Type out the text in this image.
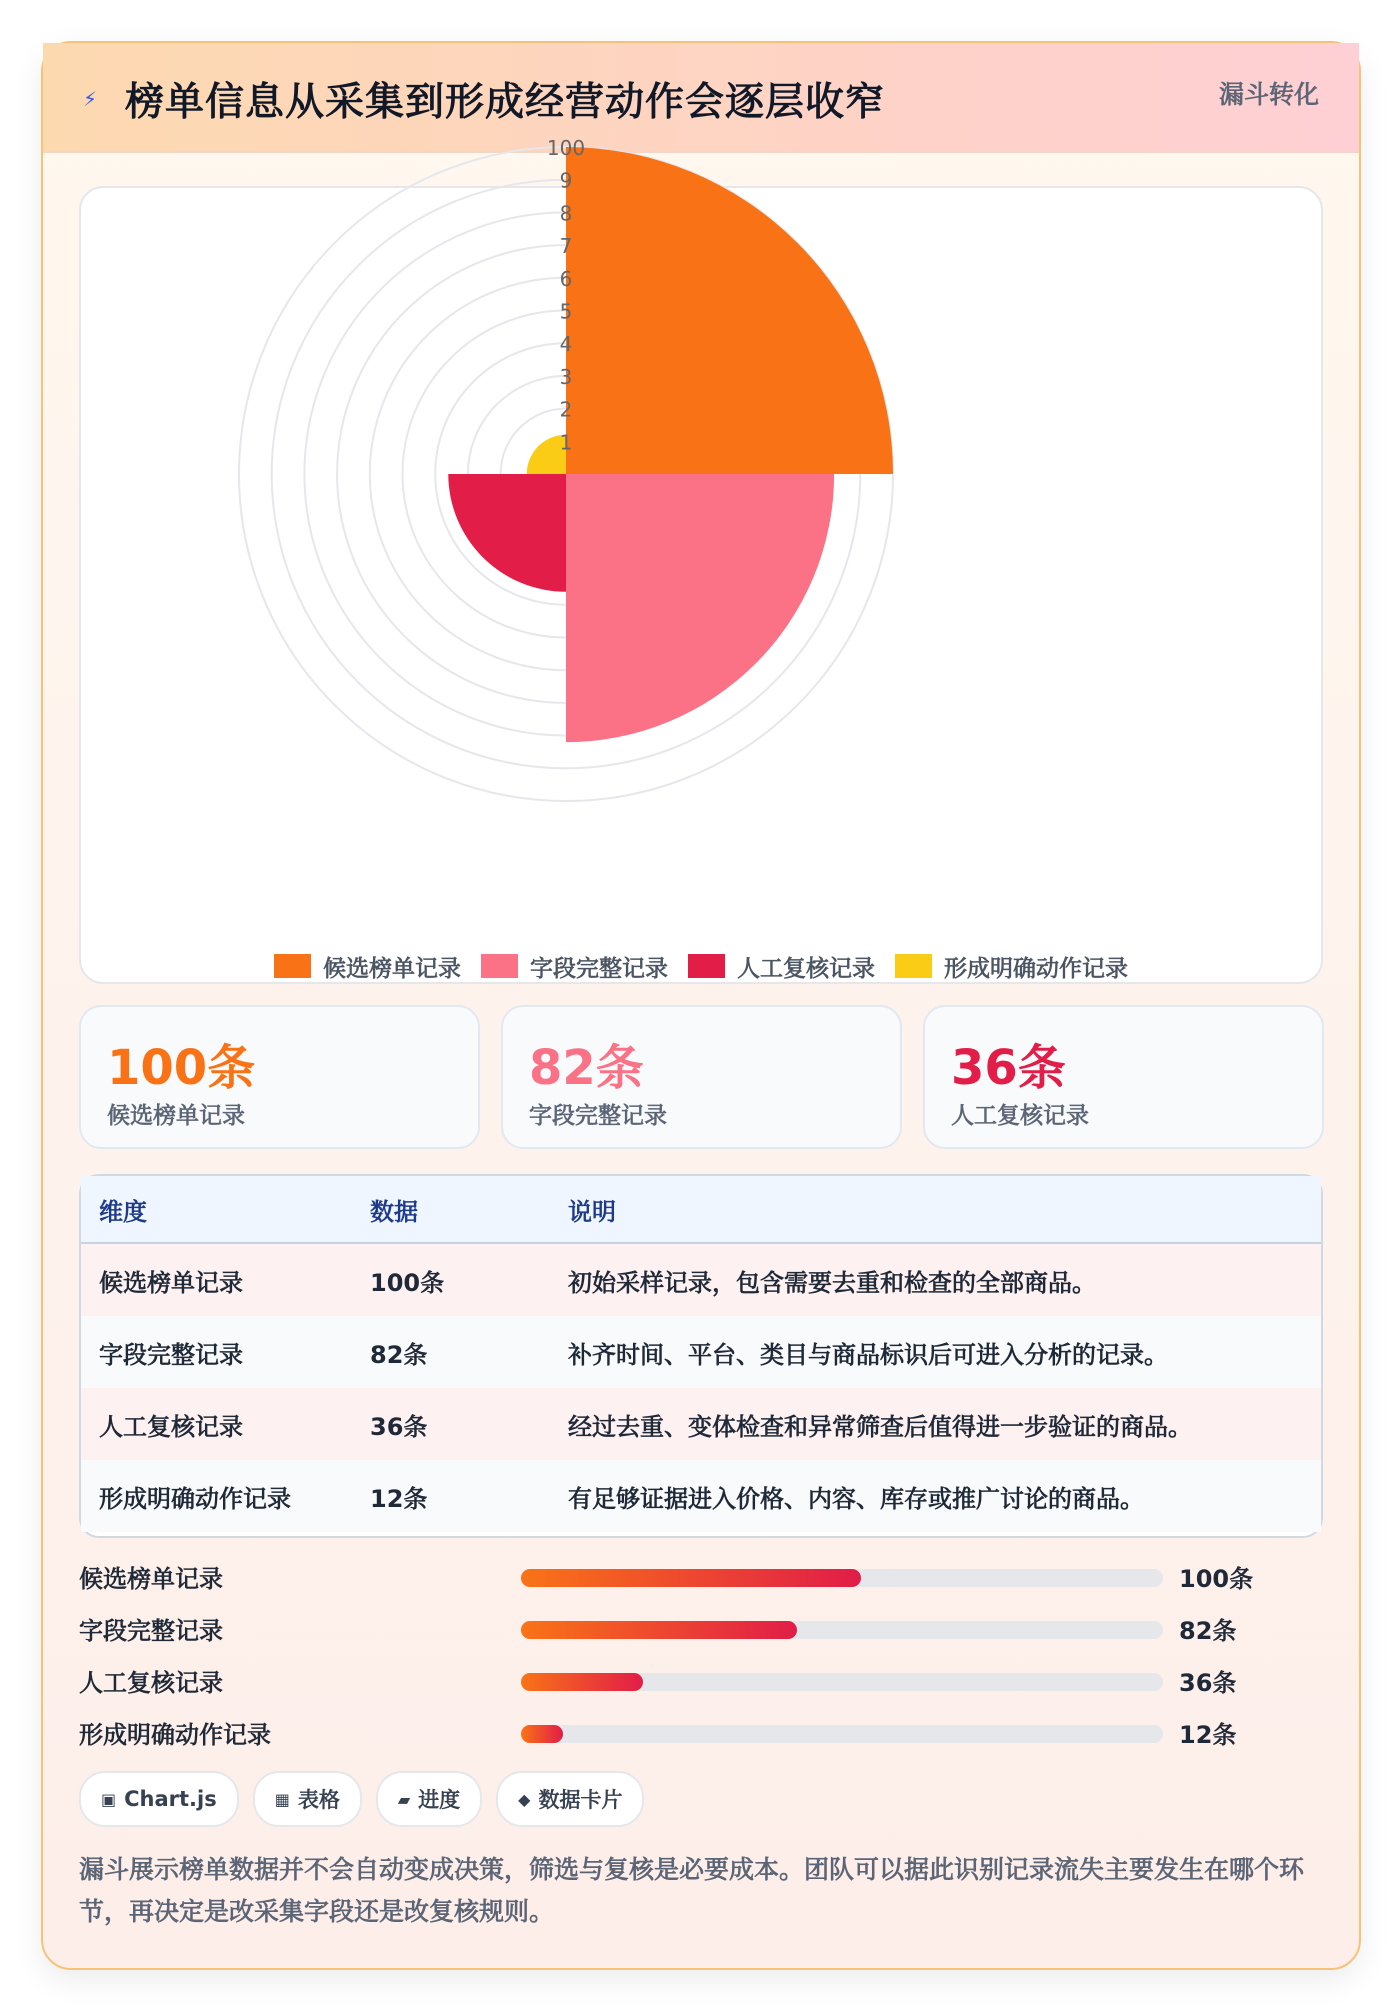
⚡ 榜单信息从采集到形成经营动作会逐层收窄	漏斗转化
100
9
8
7
6
5
4
3
2
1
候选榜单记录	字段完整记录	人工复核记录	形成明确动作记录
100条
候选榜单记录
82条
字段完整记录
36条
人工复核记录
维度	数据	说明
候选榜单记录	100条	初始采样记录，包含需要去重和检查的全部商品。
字段完整记录	82条	补齐时间、平台、类目与商品标识后可进入分析的记录。
人工复核记录	36条	经过去重、变体检查和异常筛查后值得进一步验证的商品。
形成明确动作记录	12条	有足够证据进入价格、内容、库存或推广讨论的商品。
候选榜单记录	100条
字段完整记录	82条
人工复核记录	36条
形成明确动作记录	12条
▣ Chart.js	▦ 表格	▰ 进度	◆ 数据卡片
漏斗展示榜单数据并不会自动变成决策，筛选与复核是必要成本。团队可以据此识别记录流失主要发生在哪个环节，再决定是改采集字段还是改复核规则。
